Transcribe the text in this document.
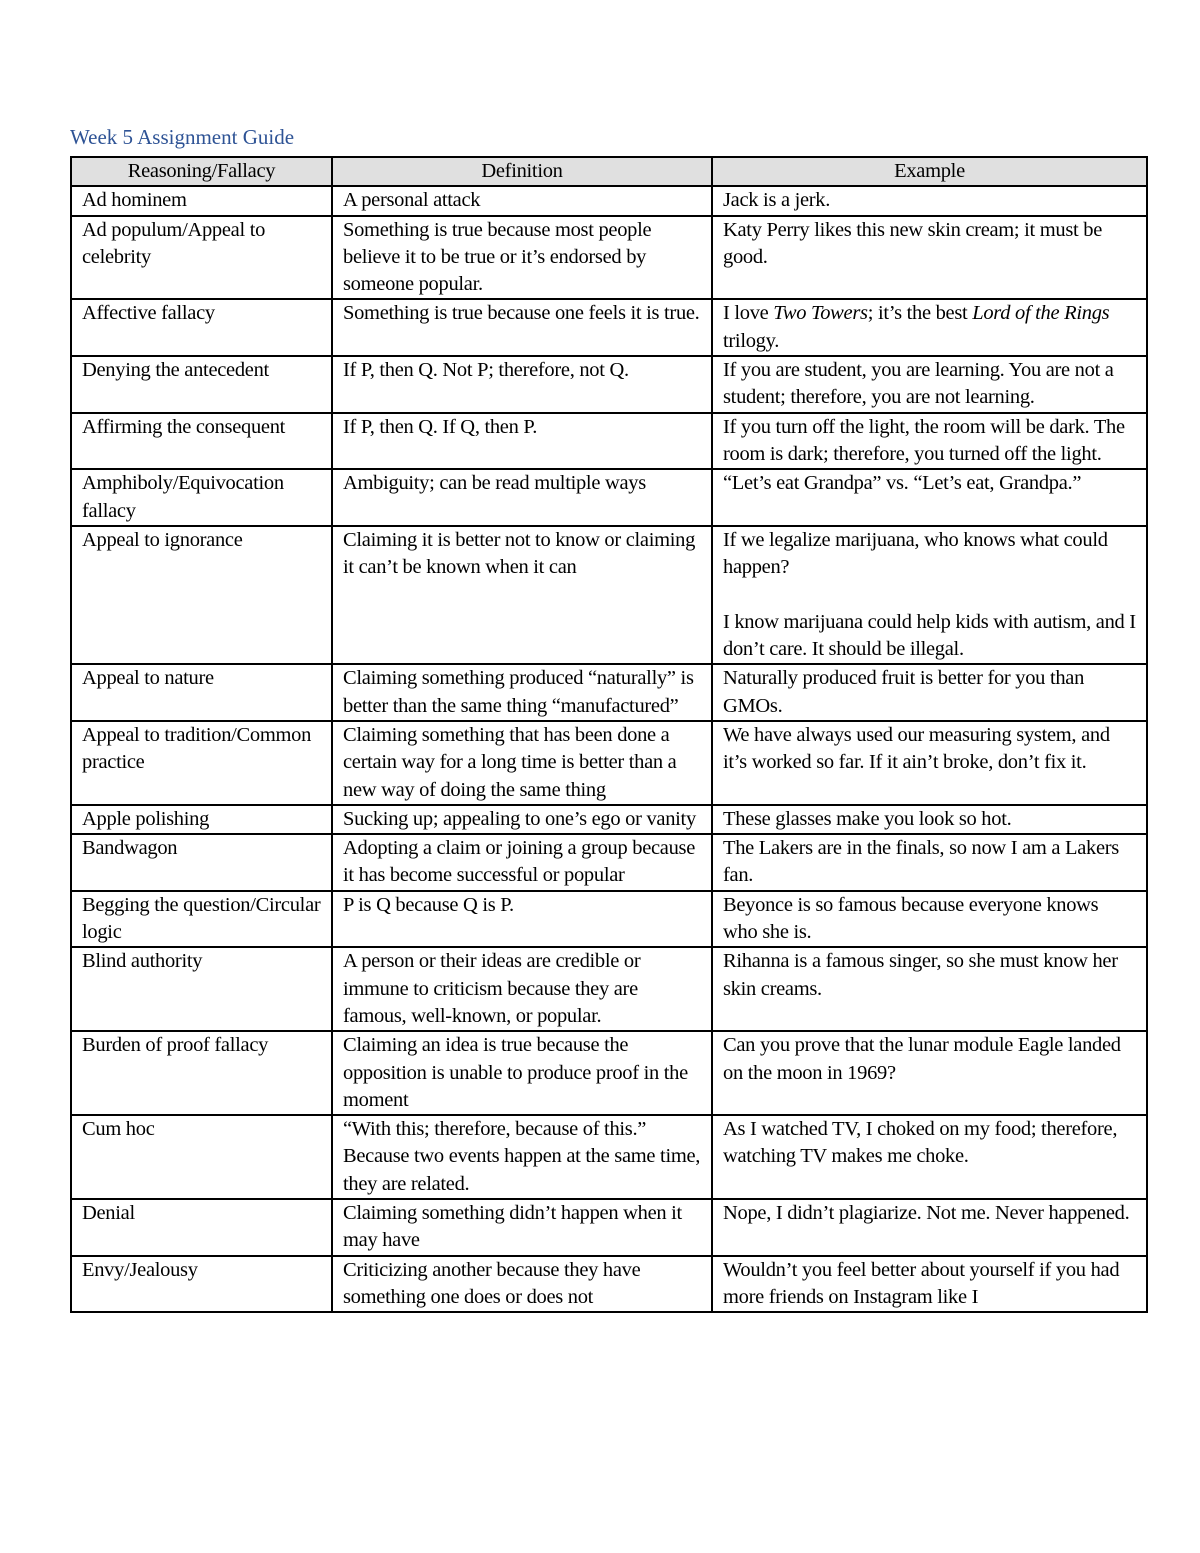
Week 5 Assignment Guide
Reasoning/Fallacy	Definition	Example
Ad hominem	A personal attack	Jack is a jerk.
Ad populum/Appeal to celebrity	Something is true because most people believe it to be true or it’s endorsed by someone popular.	Katy Perry likes this new skin cream; it must be good.
Affective fallacy	Something is true because one feels it is true.	I love Two Towers; it’s the best Lord of the Rings trilogy.
Denying the antecedent	If P, then Q. Not P; therefore, not Q.	If you are student, you are learning. You are not a student; therefore, you are not learning.
Affirming the consequent	If P, then Q. If Q, then P.	If you turn off the light, the room will be dark. The room is dark; therefore, you turned off the light.
Amphiboly/Equivocation fallacy	Ambiguity; can be read multiple ways	“Let’s eat Grandpa” vs. “Let’s eat, Grandpa.”
Appeal to ignorance	Claiming it is better not to know or claiming it can’t be known when it can	If we legalize marijuana, who knows what could happen?
I know marijuana could help kids with autism, and I don’t care. It should be illegal.

Appeal to nature	Claiming something produced “naturally” is better than the same thing “manufactured”	Naturally produced fruit is better for you than GMOs.
Appeal to tradition/Common practice	Claiming something that has been done a certain way for a long time is better than a new way of doing the same thing	We have always used our measuring system, and it’s worked so far. If it ain’t broke, don’t fix it.
Apple polishing	Sucking up; appealing to one’s ego or vanity	These glasses make you look so hot.
Bandwagon	Adopting a claim or joining a group because it has become successful or popular	The Lakers are in the finals, so now I am a Lakers fan.
Begging the question/Circular logic	P is Q because Q is P.	Beyonce is so famous because everyone knows who she is.
Blind authority	A person or their ideas are credible or immune to criticism because they are famous, well-known, or popular.	Rihanna is a famous singer, so she must know her skin creams.
Burden of proof fallacy	Claiming an idea is true because the opposition is unable to produce proof in the moment	Can you prove that the lunar module Eagle landed on the moon in 1969?
Cum hoc	“With this; therefore, because of this.” Because two events happen at the same time, they are related.	As I watched TV, I choked on my food; therefore, watching TV makes me choke.
Denial	Claiming something didn’t happen when it may have	Nope, I didn’t plagiarize. Not me. Never happened.
Envy/Jealousy	Criticizing another because they have something one does or does not	Wouldn’t you feel better about yourself if you had more friends on Instagram like I
